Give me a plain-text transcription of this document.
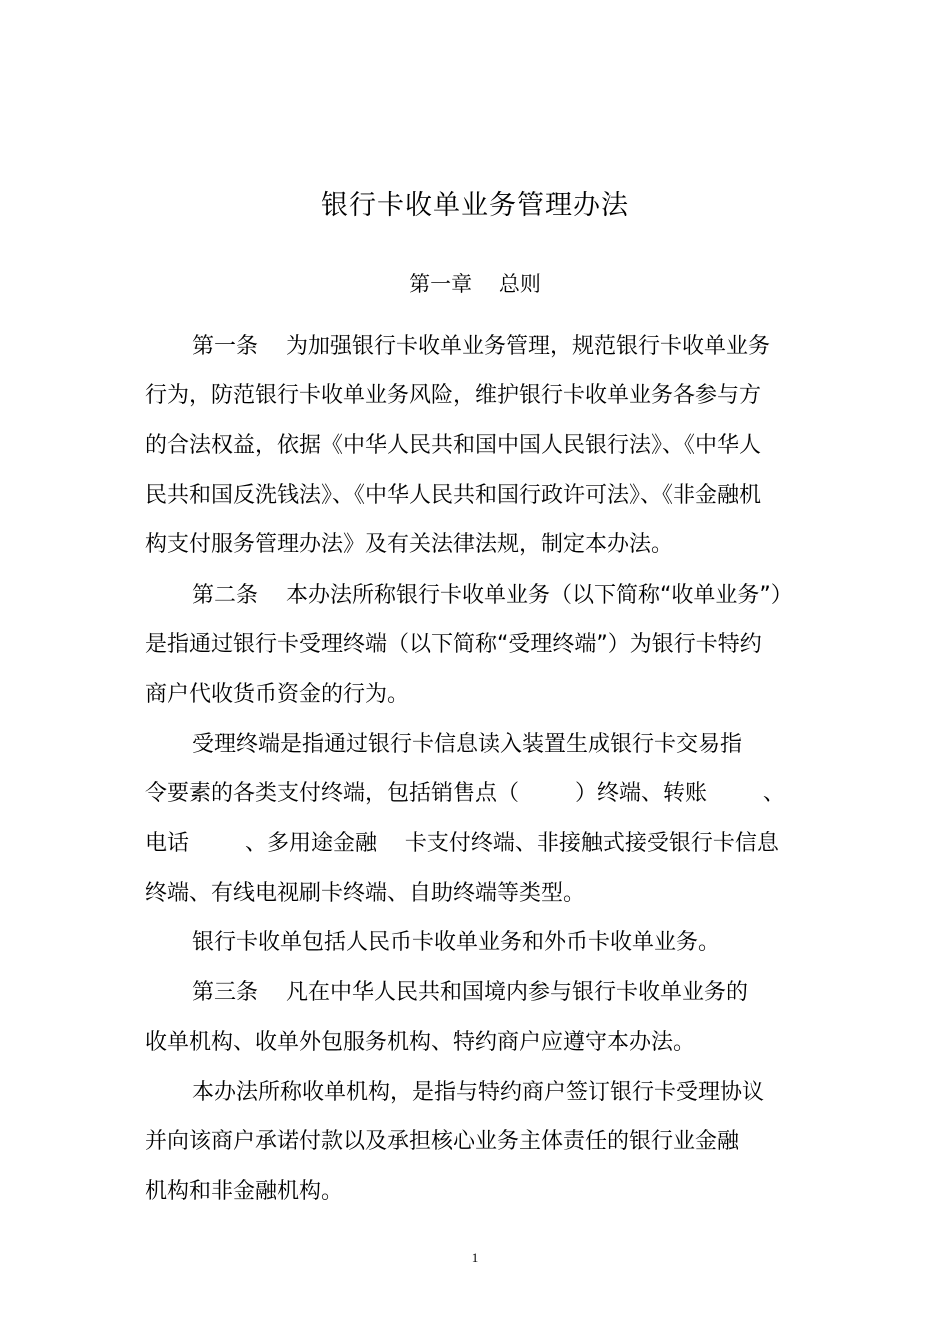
银行卡收单业务管理办法
第一章    总则
第一条    为加强银行卡收单业务管理，规范银行卡收单业务
行为，防范银行卡收单业务风险，维护银行卡收单业务各参与方
的合法权益，依据《中华人民共和国中国人民银行法》、《中华人
民共和国反洗钱法》、《中华人民共和国行政许可法》、《非金融机
构支付服务管理办法》及有关法律法规，制定本办法。
第二条    本办法所称银行卡收单业务（以下简称“收单业务”）
是指通过银行卡受理终端（以下简称“受理终端”）为银行卡特约
商户代收货币资金的行为。
受理终端是指通过银行卡信息读入装置生成银行卡交易指
令要素的各类支付终端，包括销售点（        ）终端、转账        、
电话        、多用途金融    卡支付终端、非接触式接受银行卡信息
终端、有线电视刷卡终端、自助终端等类型。
银行卡收单包括人民币卡收单业务和外币卡收单业务。
第三条    凡在中华人民共和国境内参与银行卡收单业务的
收单机构、收单外包服务机构、特约商户应遵守本办法。
本办法所称收单机构，是指与特约商户签订银行卡受理协议
并向该商户承诺付款以及承担核心业务主体责任的银行业金融
机构和非金融机构。
1
